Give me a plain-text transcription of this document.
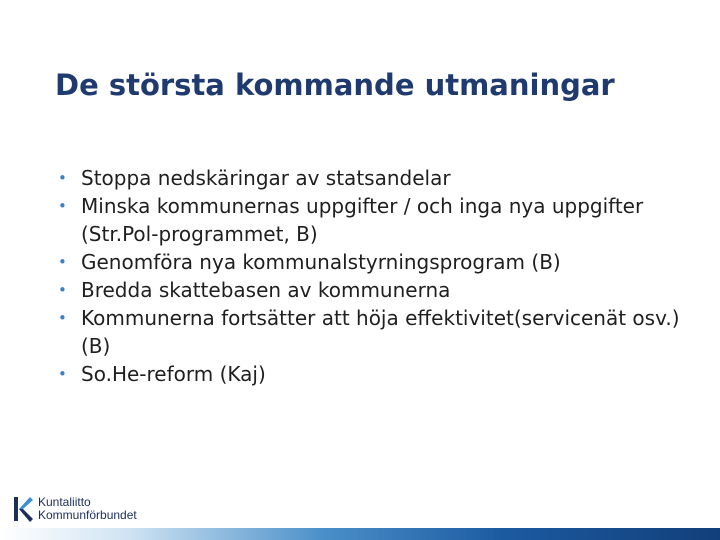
De största kommande utmaningar
• Stoppa nedskäringar av statsandelar
• Minska kommunernas uppgifter / och inga nya uppgifter (Str.Pol-programmet, B)
• Genomföra nya kommunalstyrningsprogram (B)
• Bredda skattebasen av kommunerna
• Kommunerna fortsätter att höja effektivitet(servicenät osv.)(B)
• So.He-reform (Kaj)
Kuntaliitto
Kommunförbundet
